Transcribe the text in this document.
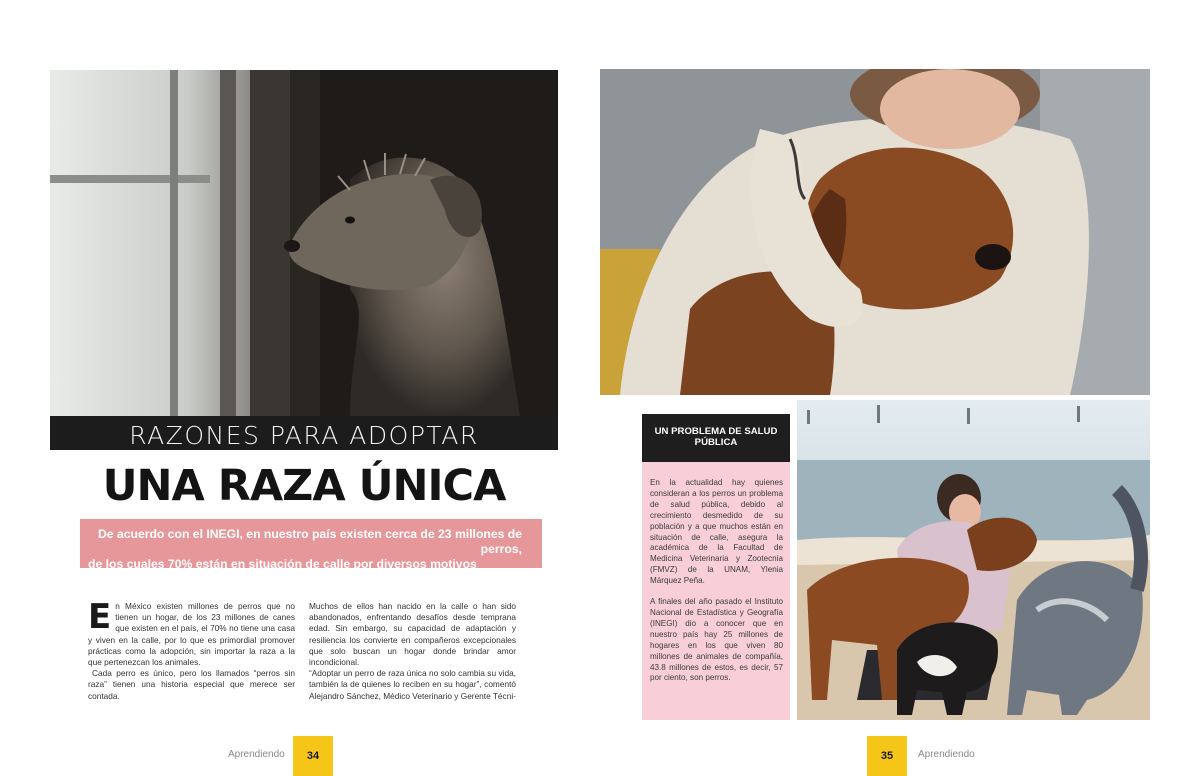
RAZONES PARA ADOPTAR
UNA RAZA ÚNICA
De acuerdo con el INEGI, en nuestro país existen cerca de 23 millones de perros,
de los cuales 70% están en situación de calle por diversos motivos

En México existen millones de perros que no tienen un hogar, de los 23 millones de canes que existen en el país, el 70% no tiene una casa y viven en la calle, por lo que es primordial promover prácticas como la adopción, sin importar la raza a la que pertenezcan los animales.

Cada perro es único, pero los llamados “perros sin raza” tienen una historia especial que merece ser contada.

Muchos de ellos han nacido en la calle o han sido abandonados, enfrentando desafíos desde temprana edad. Sin embargo, su capacidad de adaptación y resiliencia los convierte en compañeros excepcionales que solo buscan un hogar donde brindar amor incondicional.

“Adoptar un perro de raza única no solo cambia su vida, también la de quienes lo reciben en su hogar”, comentó Alejandro Sánchez, Médico Veterinario y Gerente Técni-

UN PROBLEMA DE SALUD
PÚBLICA

En la actualidad hay quienes consideran a los perros un problema de salud pública, debido al crecimiento desmedido de su población y a que muchos están en situación de calle, asegura la académica de la Facultad de Medicina Veterinaria y Zootecnia (FMVZ) de la UNAM, Ylenia Márquez Peña.

A finales del año pasado el Instituto Nacional de Estadística y Geografía (INEGI) dio a conocer que en nuestro país hay 25 millones de hogares en los que viven 80 millones de animales de compañía, 43.8 millones de estos, es decir, 57 por ciento, son perros.

Aprendiendo	34	35	Aprendiendo
